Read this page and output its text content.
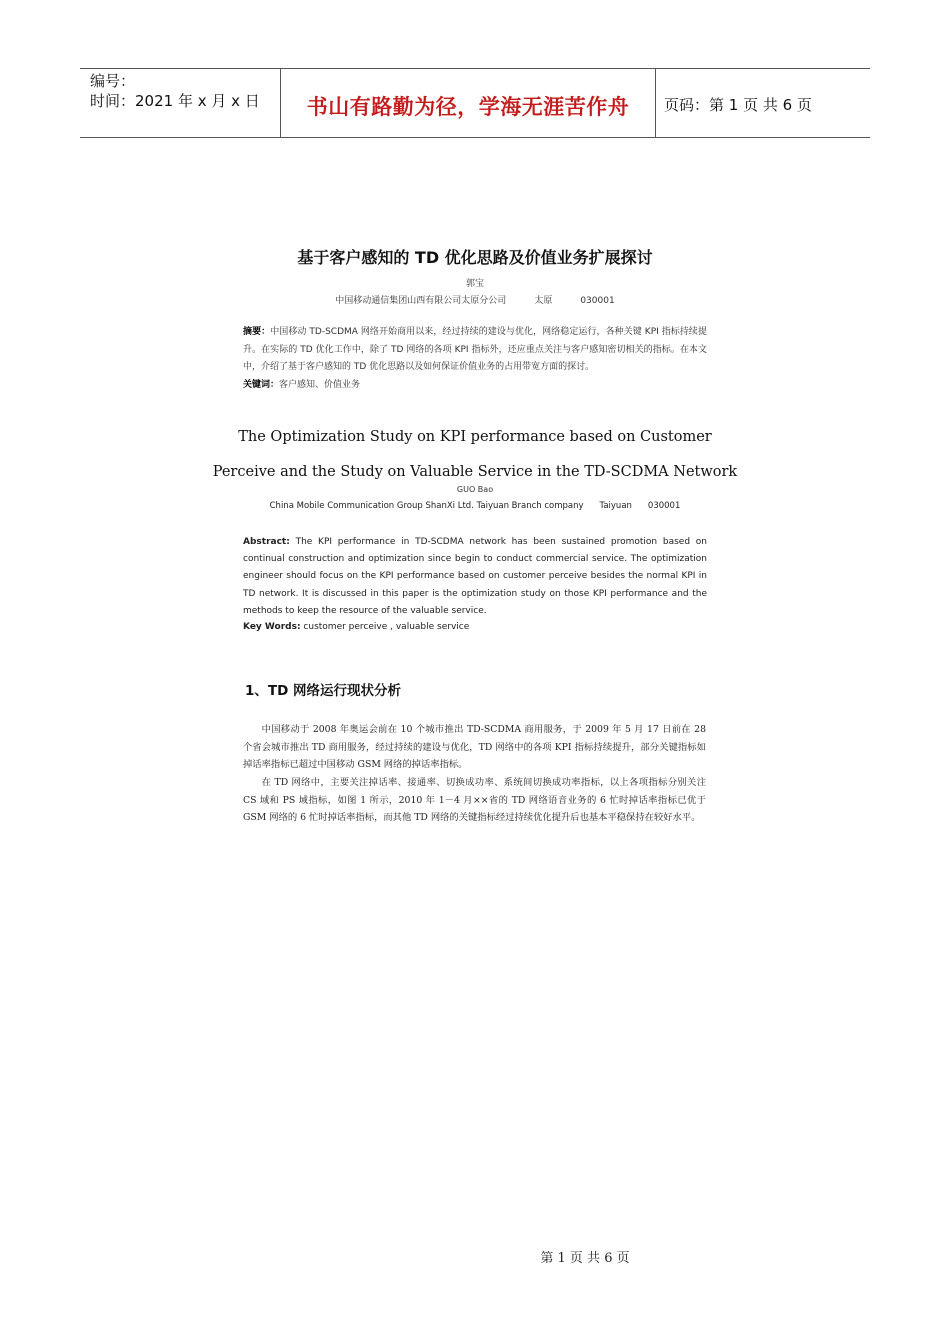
编号：
时间：2021 年 x 月 x 日	书山有路勤为径，学海无涯苦作舟	页码：第 1 页 共 6 页
基于客户感知的 TD 优化思路及价值业务扩展探讨
郭宝
中国移动通信集团山西有限公司太原分公司	太原	030001
摘要：中国移动 TD-SCDMA 网络开始商用以来，经过持续的建设与优化，网络稳定运行，各种关键 KPI 指标持续提升。在实际的 TD 优化工作中，除了 TD 网络的各项 KPI 指标外，还应重点关注与客户感知密切相关的指标。在本文中，介绍了基于客户感知的 TD 优化思路以及如何保证价值业务的占用带宽方面的探讨。
关键词：客户感知、价值业务
The Optimization Study on KPI performance based on Customer
Perceive and the Study on Valuable Service in the TD-SCDMA Network
GUO Bao
China Mobile Communication Group ShanXi Ltd. Taiyuan Branch company Taiyuan 030001
Abstract: The KPI performance in TD-SCDMA network has been sustained promotion based on continual construction and optimization since begin to conduct commercial service. The optimization engineer should focus on the KPI performance based on customer perceive besides the normal KPI in TD network. It is discussed in this paper is the optimization study on those KPI performance and the methods to keep the resource of the valuable service.
Key Words: customer perceive , valuable service
1、TD 网络运行现状分析
中国移动于 2008 年奥运会前在 10 个城市推出 TD-SCDMA 商用服务，于 2009 年 5 月 17 日前在 28 个省会城市推出 TD 商用服务，经过持续的建设与优化，TD 网络中的各项 KPI 指标持续提升，部分关键指标如掉话率指标已超过中国移动 GSM 网络的掉话率指标。
在 TD 网络中，主要关注掉话率、接通率、切换成功率、系统间切换成功率指标，以上各项指标分别关注 CS 域和 PS 域指标，如图 1 所示，2010 年 1－4 月××省的 TD 网络语音业务的 6 忙时掉话率指标已优于 GSM 网络的 6 忙时掉话率指标，而其他 TD 网络的关键指标经过持续优化提升后也基本平稳保持在较好水平。
第 1 页 共 6 页
